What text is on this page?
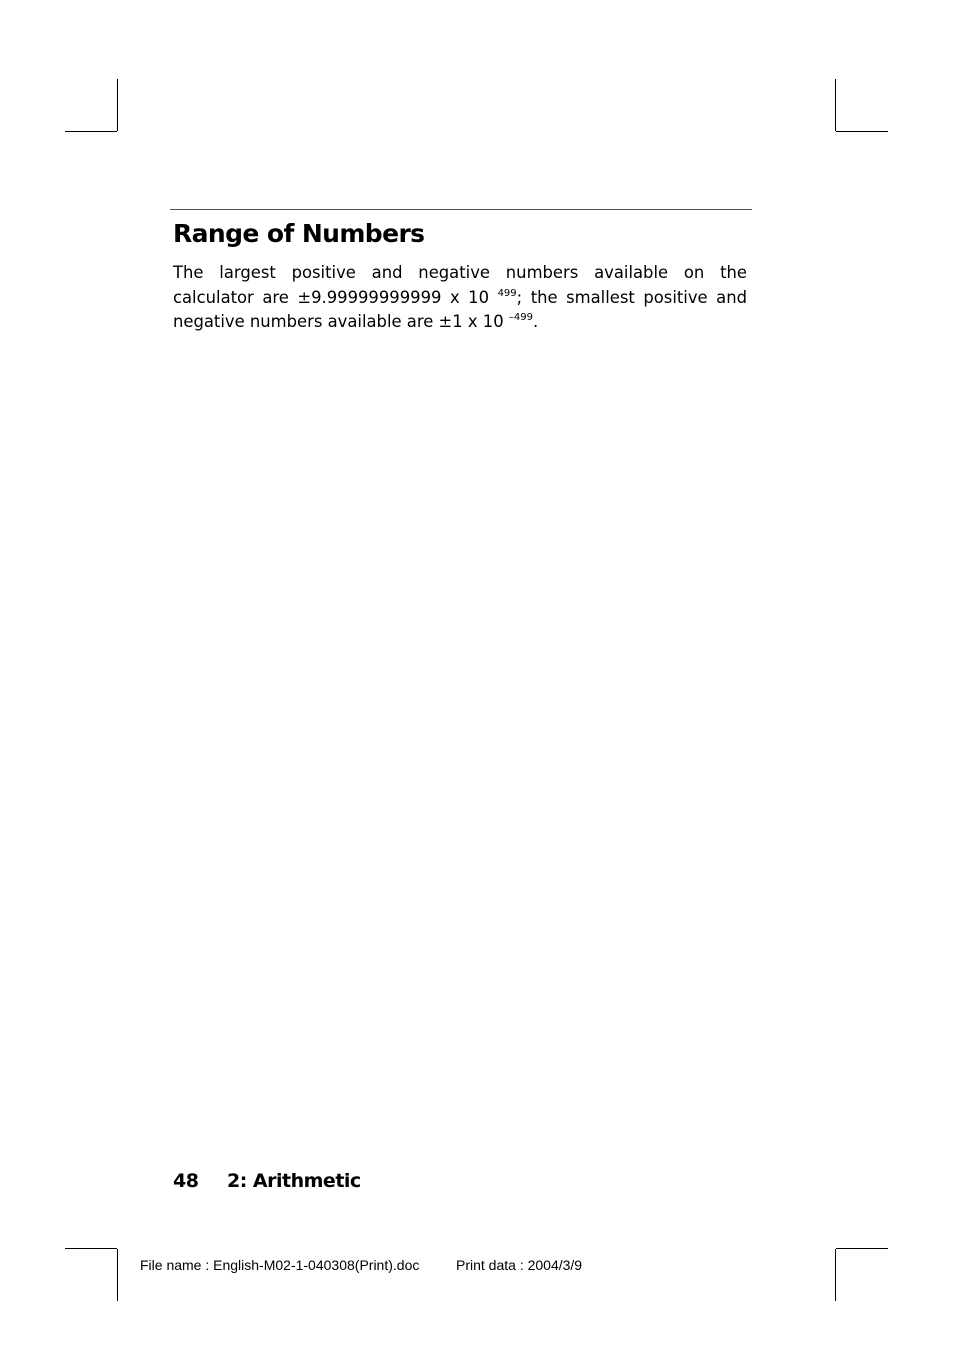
Range of Numbers

The largest positive and negative numbers available on the calculator are ±9.99999999999 x 10 $^{499}$; the smallest positive and negative numbers available are ±1 x 10 $^{-499}$.

48 2: Arithmetic
File name : English-M02-1-040308(Print).doc	Print data : 2004/3/9
